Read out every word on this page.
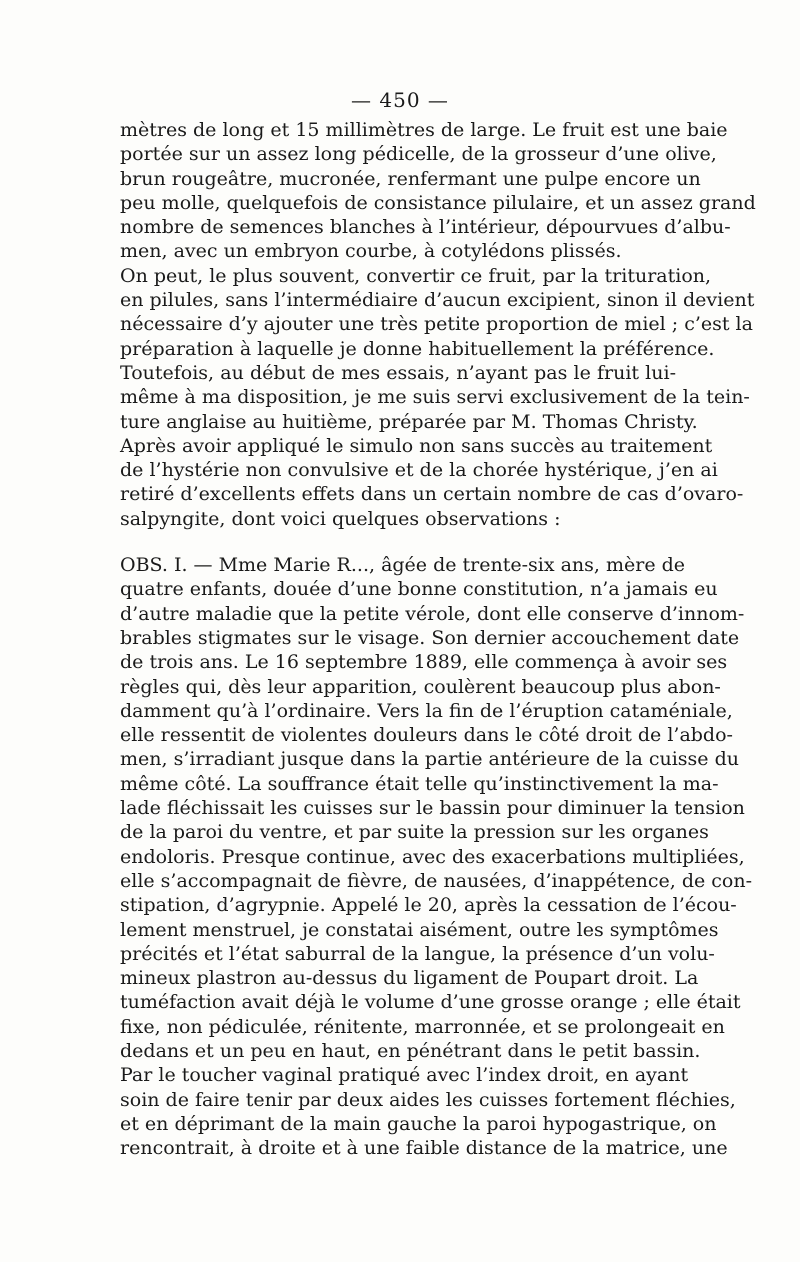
— 450 —
mètres de long et 15 millimètres de large. Le fruit est une baie
portée sur un assez long pédicelle, de la grosseur d’une olive,
brun rougeâtre, mucronée, renfermant une pulpe encore un
peu molle, quelquefois de consistance pilulaire, et un assez grand
nombre de semences blanches à l’intérieur, dépourvues d’albu-
men, avec un embryon courbe, à cotylédons plissés.
On peut, le plus souvent, convertir ce fruit, par la trituration,
en pilules, sans l’intermédiaire d’aucun excipient, sinon il devient
nécessaire d’y ajouter une très petite proportion de miel ; c’est la
préparation à laquelle je donne habituellement la préférence.
Toutefois, au début de mes essais, n’ayant pas le fruit lui-
même à ma disposition, je me suis servi exclusivement de la tein-
ture anglaise au huitième, préparée par M. Thomas Christy.
Après avoir appliqué le simulo non sans succès au traitement
de l’hystérie non convulsive et de la chorée hystérique, j’en ai
retiré d’excellents effets dans un certain nombre de cas d’ovaro-
salpyngite, dont voici quelques observations :
OBS. I. — Mme Marie R..., âgée de trente-six ans, mère de
quatre enfants, douée d’une bonne constitution, n’a jamais eu
d’autre maladie que la petite vérole, dont elle conserve d’innom-
brables stigmates sur le visage. Son dernier accouchement date
de trois ans. Le 16 septembre 1889, elle commença à avoir ses
règles qui, dès leur apparition, coulèrent beaucoup plus abon-
damment qu’à l’ordinaire. Vers la fin de l’éruption cataméniale,
elle ressentit de violentes douleurs dans le côté droit de l’abdo-
men, s’irradiant jusque dans la partie antérieure de la cuisse du
même côté. La souffrance était telle qu’instinctivement la ma-
lade fléchissait les cuisses sur le bassin pour diminuer la tension
de la paroi du ventre, et par suite la pression sur les organes
endoloris. Presque continue, avec des exacerbations multipliées,
elle s’accompagnait de fièvre, de nausées, d’inappétence, de con-
stipation, d’agrypnie. Appelé le 20, après la cessation de l’écou-
lement menstruel, je constatai aisément, outre les symptômes
précités et l’état saburral de la langue, la présence d’un volu-
mineux plastron au-dessus du ligament de Poupart droit. La
tuméfaction avait déjà le volume d’une grosse orange ; elle était
fixe, non pédiculée, rénitente, marronnée, et se prolongeait en
dedans et un peu en haut, en pénétrant dans le petit bassin.
Par le toucher vaginal pratiqué avec l’index droit, en ayant
soin de faire tenir par deux aides les cuisses fortement fléchies,
et en déprimant de la main gauche la paroi hypogastrique, on
rencontrait, à droite et à une faible distance de la matrice, une
